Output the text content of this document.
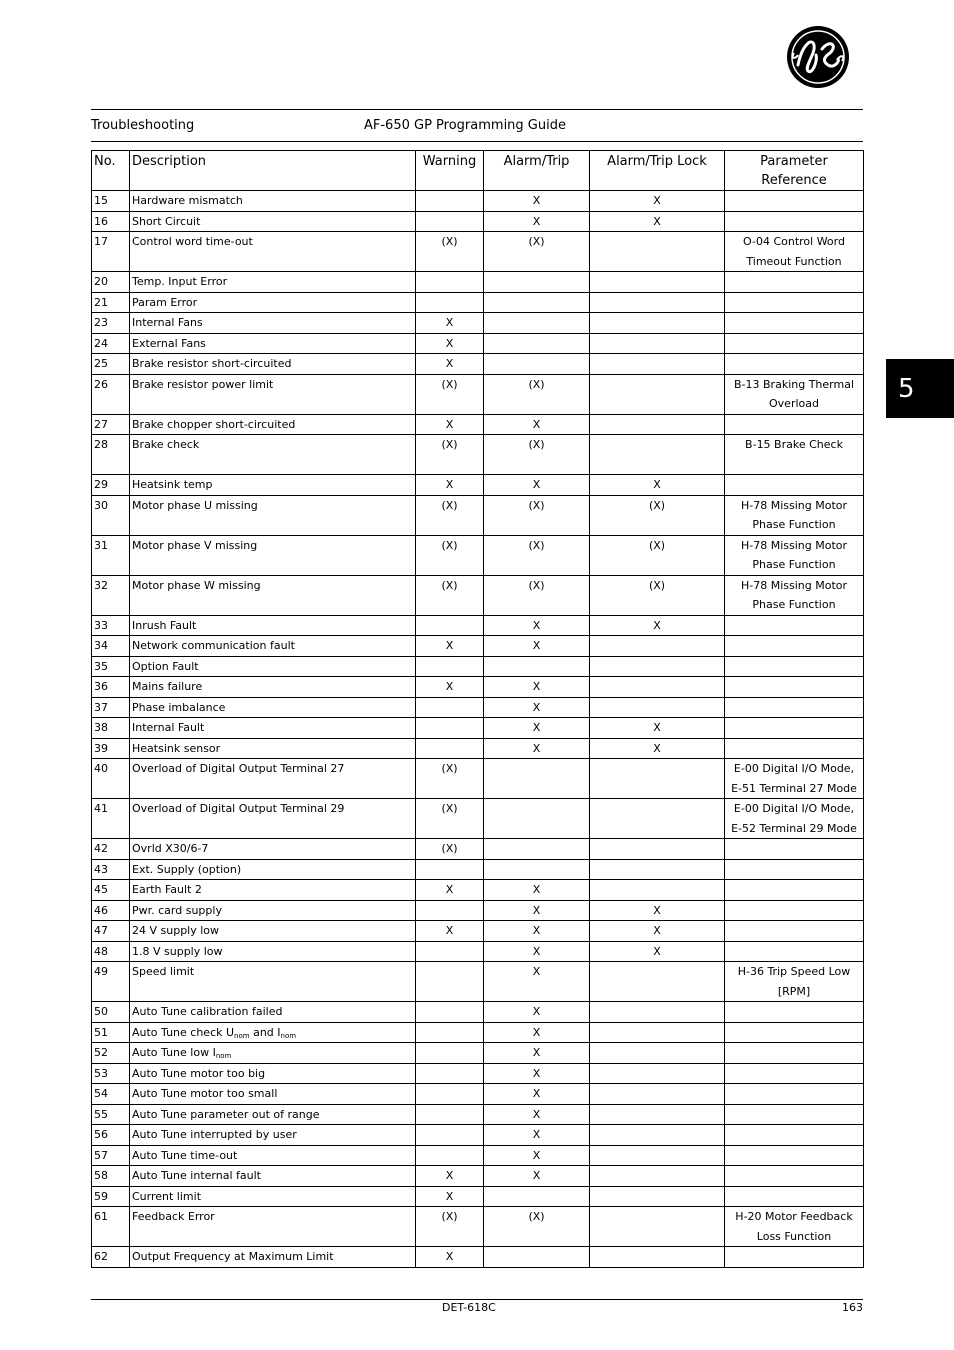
Troubleshooting	AF-650 GP Programming Guide
5
No.	Description	Warning	Alarm/Trip	Alarm/Trip Lock	Parameter Reference
15	Hardware mismatch		X	X	
16	Short Circuit		X	X	
17	Control word time-out	(X)	(X)		O-04 Control Word Timeout Function
20	Temp. Input Error				
21	Param Error				
23	Internal Fans	X			
24	External Fans	X			
25	Brake resistor short-circuited	X			
26	Brake resistor power limit	(X)	(X)		B-13 Braking Thermal Overload
27	Brake chopper short-circuited	X	X		
28	Brake check	(X)	(X)		B-15 Brake Check
29	Heatsink temp	X	X	X	
30	Motor phase U missing	(X)	(X)	(X)	H-78 Missing Motor Phase Function
31	Motor phase V missing	(X)	(X)	(X)	H-78 Missing Motor Phase Function
32	Motor phase W missing	(X)	(X)	(X)	H-78 Missing Motor Phase Function
33	Inrush Fault		X	X	
34	Network communication fault	X	X		
35	Option Fault				
36	Mains failure	X	X		
37	Phase imbalance		X		
38	Internal Fault		X	X	
39	Heatsink sensor		X	X	
40	Overload of Digital Output Terminal 27	(X)			E-00 Digital I/O Mode, E-51 Terminal 27 Mode
41	Overload of Digital Output Terminal 29	(X)			E-00 Digital I/O Mode, E-52 Terminal 29 Mode
42	Ovrld X30/6-7	(X)			
43	Ext. Supply (option)				
45	Earth Fault 2	X	X		
46	Pwr. card supply		X	X	
47	24 V supply low	X	X	X	
48	1.8 V supply low		X	X	
49	Speed limit		X		H-36 Trip Speed Low [RPM]
50	Auto Tune calibration failed		X		
51	Auto Tune check $U_{nom}$ and $I_{nom}$		X		
52	Auto Tune low $I_{nom}$		X		
53	Auto Tune motor too big		X		
54	Auto Tune motor too small		X		
55	Auto Tune parameter out of range		X		
56	Auto Tune interrupted by user		X		
57	Auto Tune time-out		X		
58	Auto Tune internal fault	X	X		
59	Current limit	X			
61	Feedback Error	(X)	(X)		H-20 Motor Feedback Loss Function
62	Output Frequency at Maximum Limit	X			
DET-618C	163
